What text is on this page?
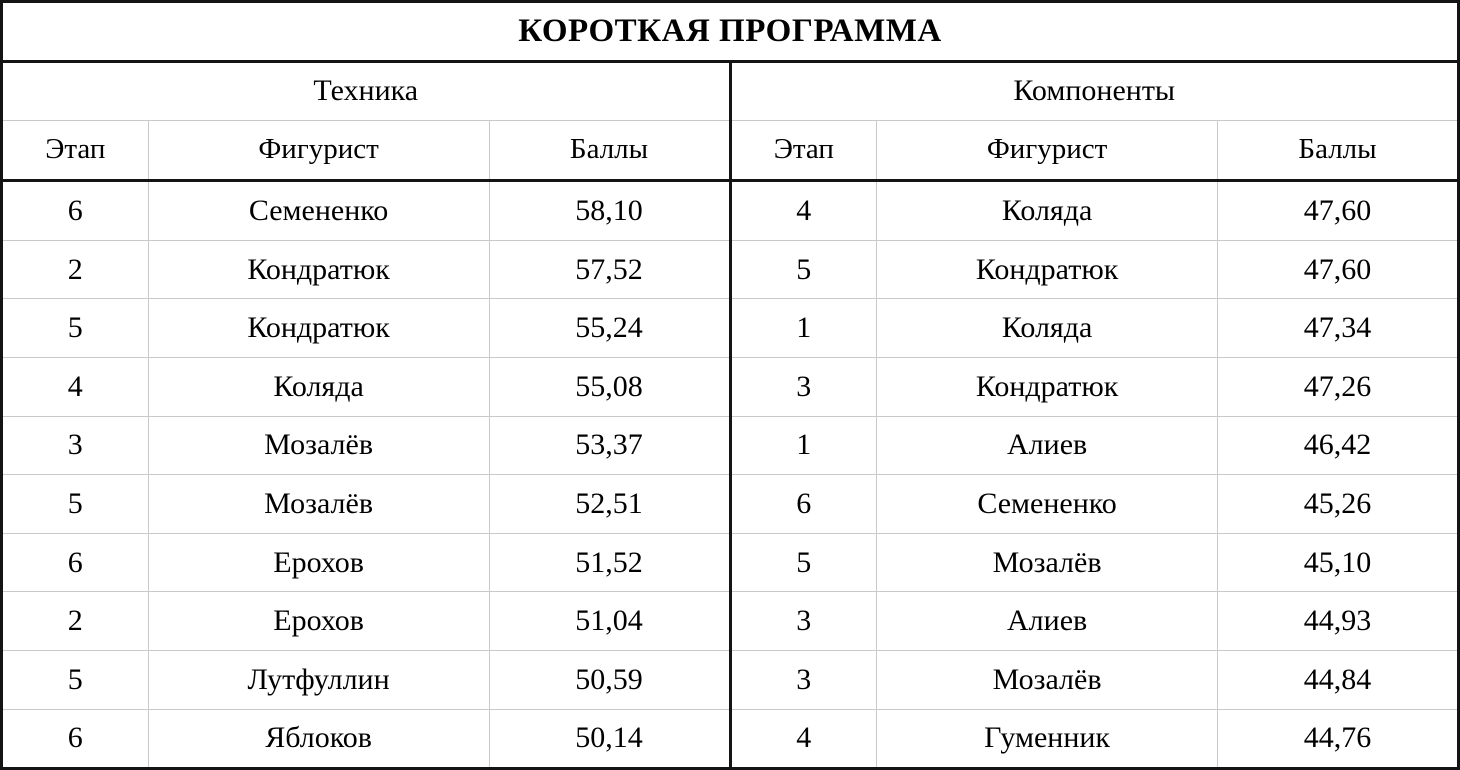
КОРОТКАЯ ПРОГРАММА
Техника		
Этап	Фигурист	Баллы
6	Семененко	58,10
2	Кондратюк	57,52
5	Кондратюк	55,24
4	Коляда	55,08
3	Мозалёв	53,37
5	Мозалёв	52,51
6	Ерохов	51,52
2	Ерохов	51,04
5	Лутфуллин	50,59
6	Яблоков	50,14
Компоненты		
Этап	Фигурист	Баллы
4	Коляда	47,60
5	Кондратюк	47,60
1	Коляда	47,34
3	Кондратюк	47,26
1	Алиев	46,42
6	Семененко	45,26
5	Мозалёв	45,10
3	Алиев	44,93
3	Мозалёв	44,84
4	Гуменник	44,76
